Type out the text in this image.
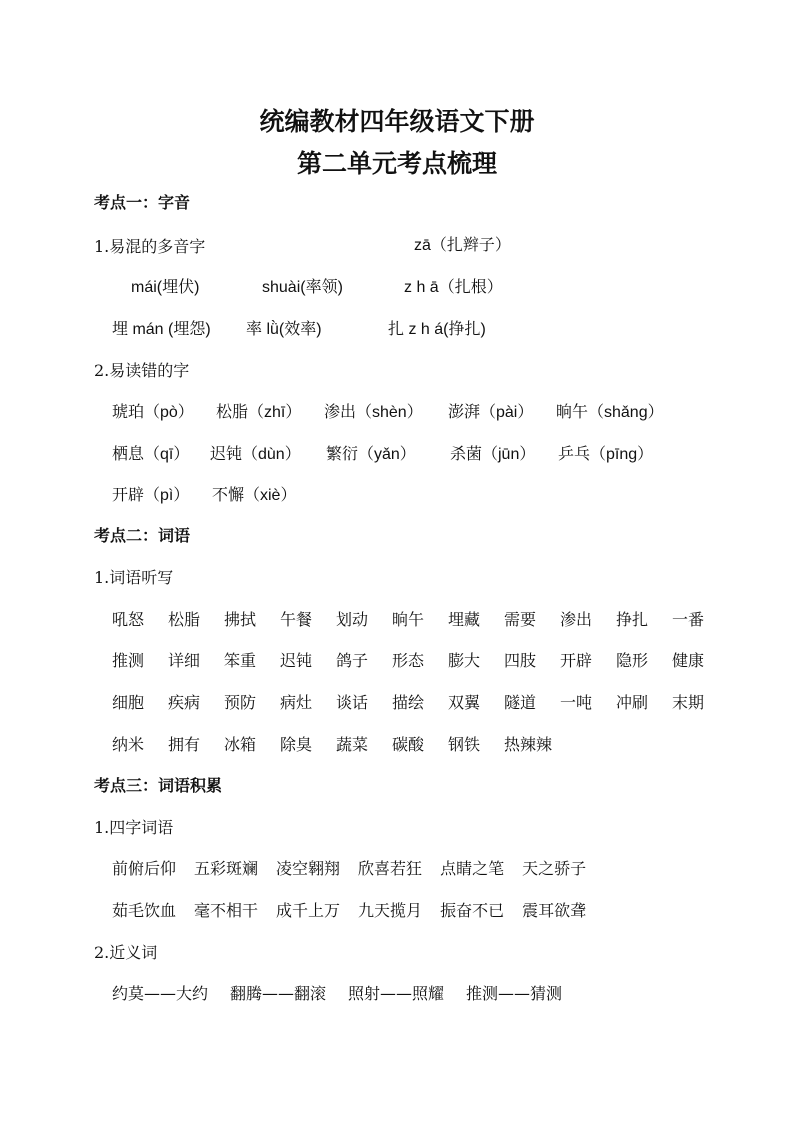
统编教材四年级语文下册
第二单元考点梳理
考点一：字音
1.易混的多音字	zā（扎辫子）
mái(埋伏)	shuài(率领)	z h ā（扎根）
埋 mán (埋怨) 率 lǜ(效率)	扎 z h á(挣扎)
2.易读错的字
琥珀（pò） 松脂（zhī） 渗出（shèn） 澎湃（pài） 晌午（shǎng）
栖息（qī） 迟钝（dùn） 繁衍（yǎn） 杀菌（jūn） 乒乓（pīng）
开辟（pì） 不懈（xiè）
考点二：词语
1.词语听写
吼怒 松脂 拂拭 午餐 划动 晌午 埋藏 需要 渗出 挣扎 一番
推测 详细 笨重 迟钝 鸽子 形态 膨大 四肢 开辟 隐形 健康
细胞 疾病 预防 病灶 谈话 描绘 双翼 隧道 一吨 冲刷 末期
纳米 拥有 冰箱 除臭 蔬菜 碳酸 钢铁 热辣辣
考点三：词语积累
1.四字词语
前俯后仰 五彩斑斓 凌空翱翔 欣喜若狂 点睛之笔 天之骄子
茹毛饮血 毫不相干 成千上万 九天揽月 振奋不已 震耳欲聋
2.近义词
约莫——大约 翻腾——翻滚 照射——照耀 推测——猜测
